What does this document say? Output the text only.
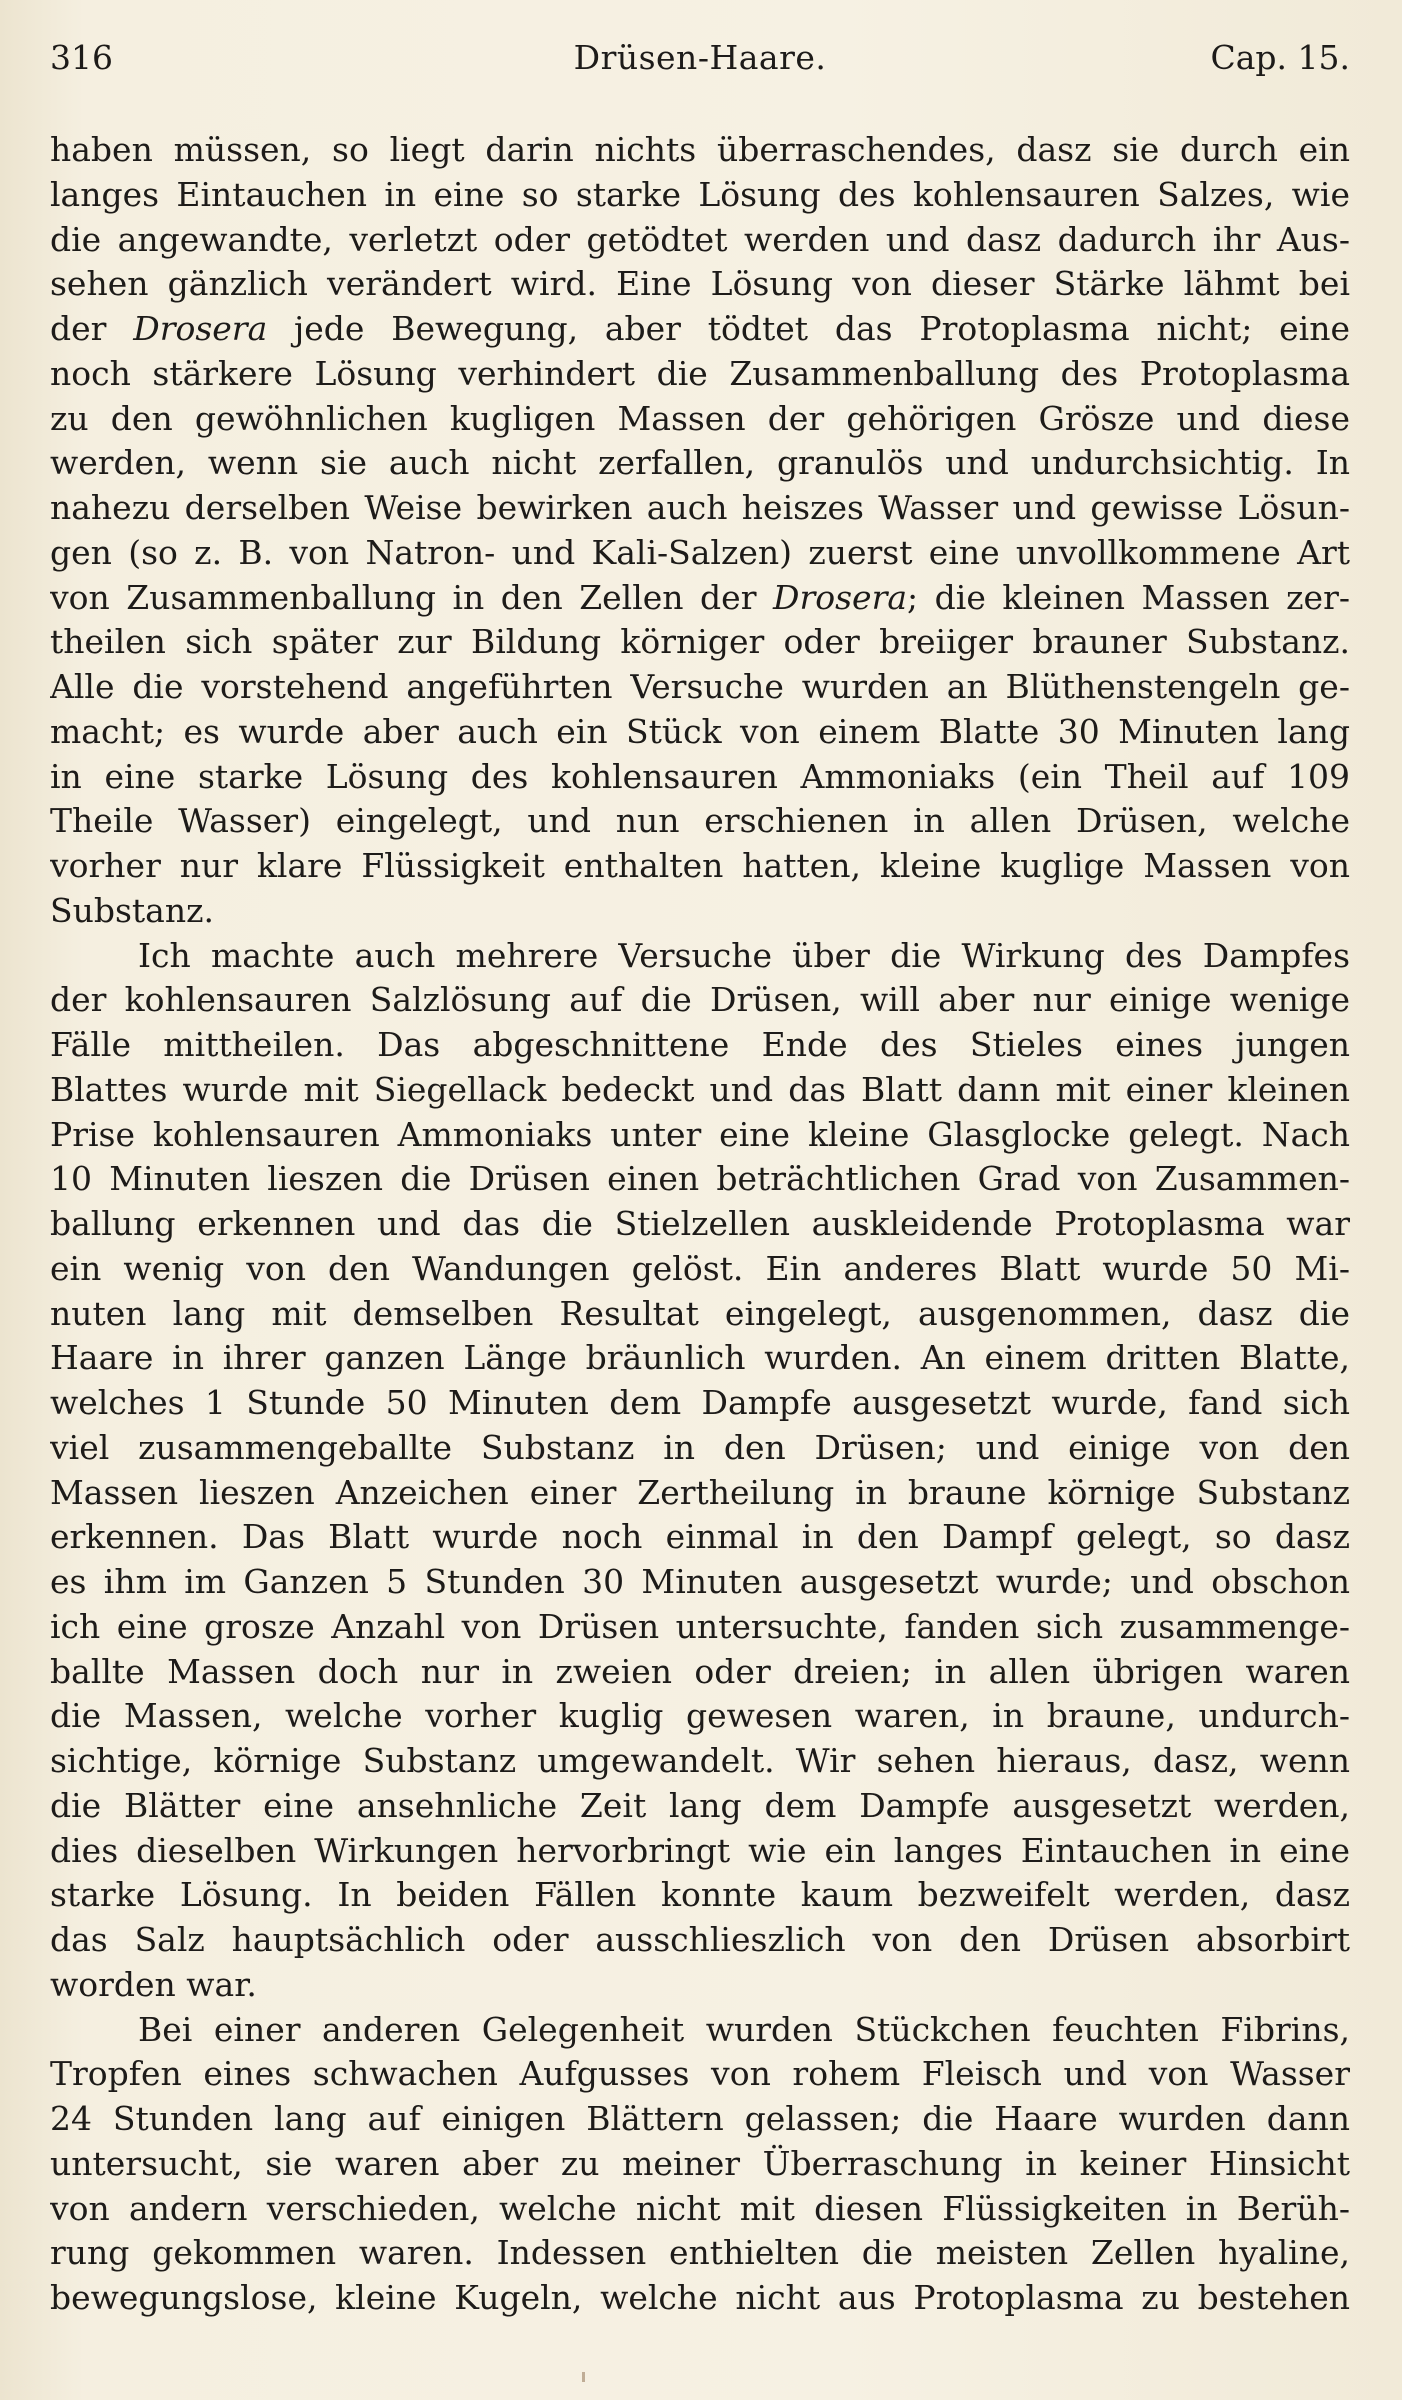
316	Drüsen-Haare.	Cap. 15.
haben müssen, so liegt darin nichts überraschendes, dasz sie durch ein
langes Eintauchen in eine so starke Lösung des kohlensauren Salzes, wie
die angewandte, verletzt oder getödtet werden und dasz dadurch ihr Aus-
sehen gänzlich verändert wird. Eine Lösung von dieser Stärke lähmt bei
der Drosera jede Bewegung, aber tödtet das Protoplasma nicht; eine
noch stärkere Lösung verhindert die Zusammenballung des Protoplasma
zu den gewöhnlichen kugligen Massen der gehörigen Grösze und diese
werden, wenn sie auch nicht zerfallen, granulös und undurchsichtig. In
nahezu derselben Weise bewirken auch heiszes Wasser und gewisse Lösun-
gen (so z. B. von Natron- und Kali-Salzen) zuerst eine unvollkommene Art
von Zusammenballung in den Zellen der Drosera; die kleinen Massen zer-
theilen sich später zur Bildung körniger oder breiiger brauner Substanz.
Alle die vorstehend angeführten Versuche wurden an Blüthenstengeln ge-
macht; es wurde aber auch ein Stück von einem Blatte 30 Minuten lang
in eine starke Lösung des kohlensauren Ammoniaks (ein Theil auf 109
Theile Wasser) eingelegt, und nun erschienen in allen Drüsen, welche
vorher nur klare Flüssigkeit enthalten hatten, kleine kuglige Massen von
Substanz.
Ich machte auch mehrere Versuche über die Wirkung des Dampfes
der kohlensauren Salzlösung auf die Drüsen, will aber nur einige wenige
Fälle mittheilen. Das abgeschnittene Ende des Stieles eines jungen
Blattes wurde mit Siegellack bedeckt und das Blatt dann mit einer kleinen
Prise kohlensauren Ammoniaks unter eine kleine Glasglocke gelegt. Nach
10 Minuten lieszen die Drüsen einen beträchtlichen Grad von Zusammen-
ballung erkennen und das die Stielzellen auskleidende Protoplasma war
ein wenig von den Wandungen gelöst. Ein anderes Blatt wurde 50 Mi-
nuten lang mit demselben Resultat eingelegt, ausgenommen, dasz die
Haare in ihrer ganzen Länge bräunlich wurden. An einem dritten Blatte,
welches 1 Stunde 50 Minuten dem Dampfe ausgesetzt wurde, fand sich
viel zusammengeballte Substanz in den Drüsen; und einige von den
Massen lieszen Anzeichen einer Zertheilung in braune körnige Substanz
erkennen. Das Blatt wurde noch einmal in den Dampf gelegt, so dasz
es ihm im Ganzen 5 Stunden 30 Minuten ausgesetzt wurde; und obschon
ich eine grosze Anzahl von Drüsen untersuchte, fanden sich zusammenge-
ballte Massen doch nur in zweien oder dreien; in allen übrigen waren
die Massen, welche vorher kuglig gewesen waren, in braune, undurch-
sichtige, körnige Substanz umgewandelt. Wir sehen hieraus, dasz, wenn
die Blätter eine ansehnliche Zeit lang dem Dampfe ausgesetzt werden,
dies dieselben Wirkungen hervorbringt wie ein langes Eintauchen in eine
starke Lösung. In beiden Fällen konnte kaum bezweifelt werden, dasz
das Salz hauptsächlich oder ausschlieszlich von den Drüsen absorbirt
worden war.
Bei einer anderen Gelegenheit wurden Stückchen feuchten Fibrins,
Tropfen eines schwachen Aufgusses von rohem Fleisch und von Wasser
24 Stunden lang auf einigen Blättern gelassen; die Haare wurden dann
untersucht, sie waren aber zu meiner Überraschung in keiner Hinsicht
von andern verschieden, welche nicht mit diesen Flüssigkeiten in Berüh-
rung gekommen waren. Indessen enthielten die meisten Zellen hyaline,
bewegungslose, kleine Kugeln, welche nicht aus Protoplasma zu bestehen
